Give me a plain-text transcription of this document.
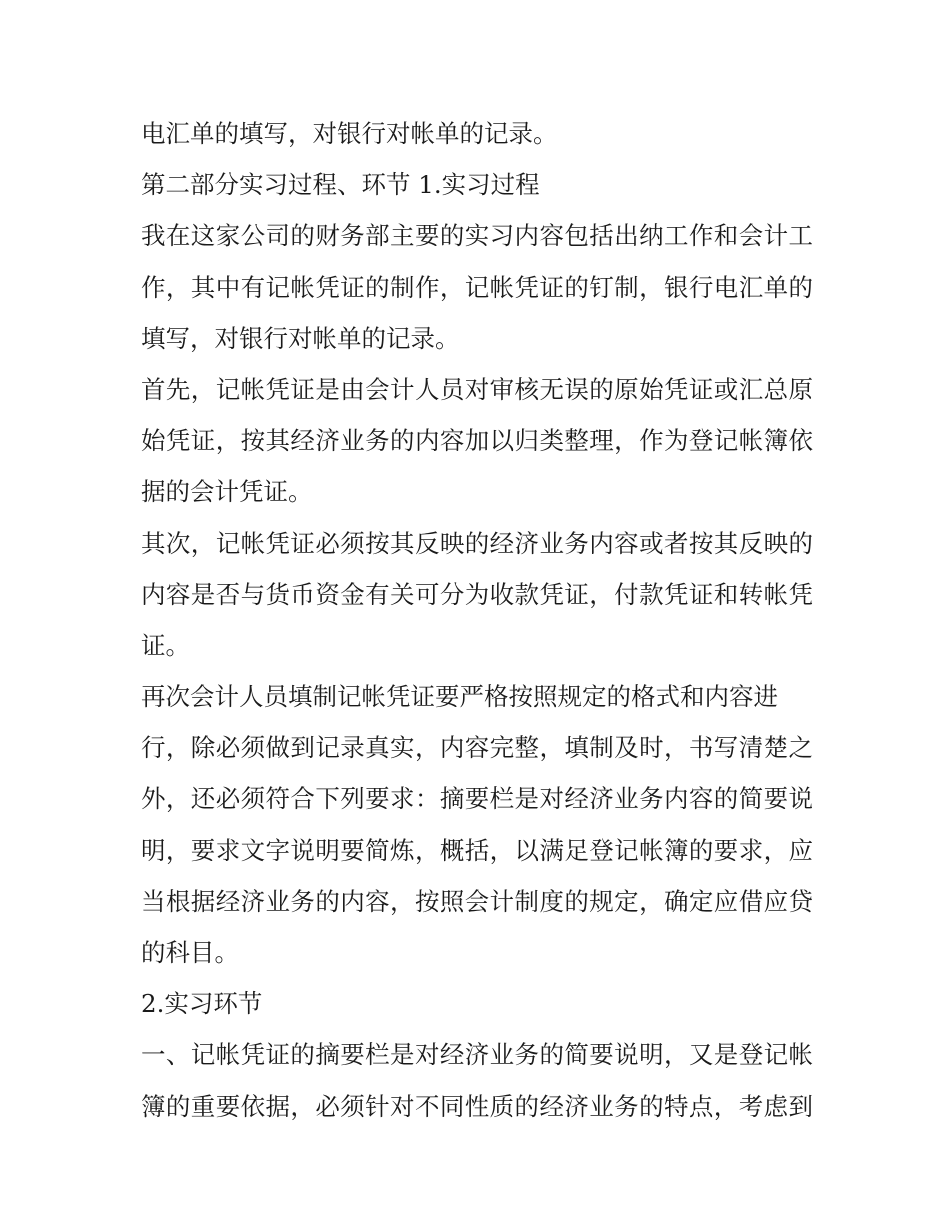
电汇单的填写，对银行对帐单的记录。
第二部分实习过程、环节 1.实习过程
我在这家公司的财务部主要的实习内容包括出纳工作和会计工
作，其中有记帐凭证的制作，记帐凭证的钉制，银行电汇单的
填写，对银行对帐单的记录。
首先，记帐凭证是由会计人员对审核无误的原始凭证或汇总原
始凭证，按其经济业务的内容加以归类整理，作为登记帐簿依
据的会计凭证。
其次，记帐凭证必须按其反映的经济业务内容或者按其反映的
内容是否与货币资金有关可分为收款凭证，付款凭证和转帐凭
证。
再次会计人员填制记帐凭证要严格按照规定的格式和内容进
行，除必须做到记录真实，内容完整，填制及时，书写清楚之
外，还必须符合下列要求：摘要栏是对经济业务内容的简要说
明，要求文字说明要简炼，概括，以满足登记帐簿的要求，应
当根据经济业务的内容，按照会计制度的规定，确定应借应贷
的科目。
2.实习环节
一、记帐凭证的摘要栏是对经济业务的简要说明，又是登记帐
簿的重要依据，必须针对不同性质的经济业务的特点，考虑到
